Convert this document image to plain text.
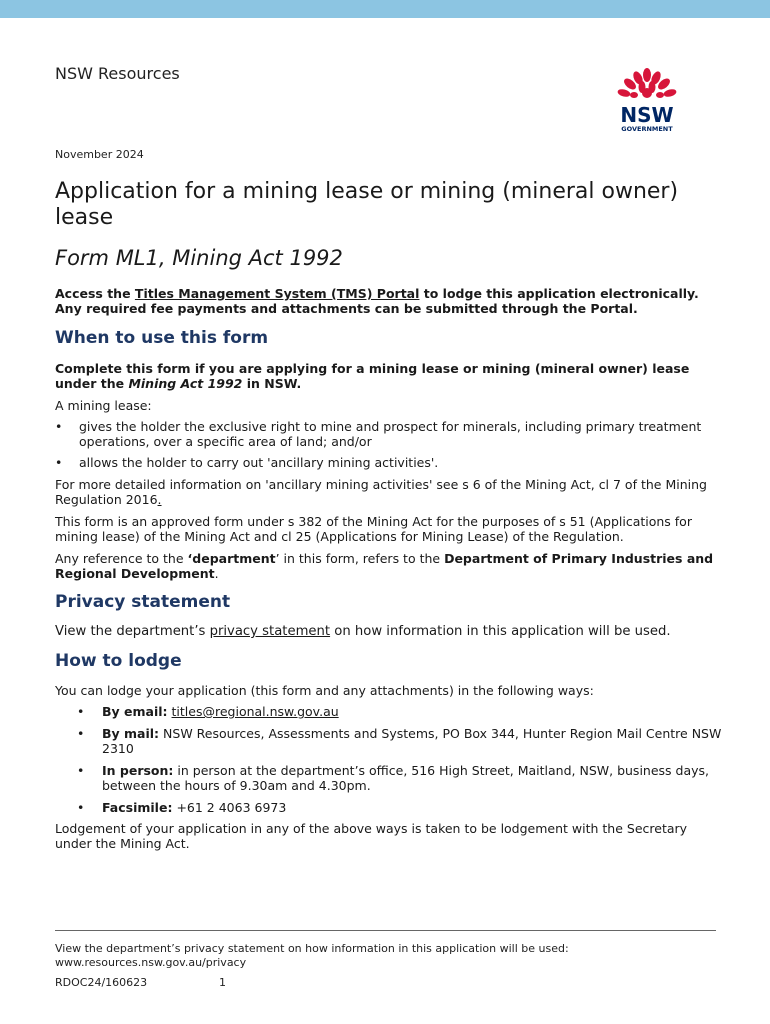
NSW Resources
NSW
GOVERNMENT
November 2024
Application for a mining lease or mining (mineral owner) lease
Form ML1, Mining Act 1992

Access the Titles Management System (TMS) Portal to lodge this application electronically.

Any required fee payments and attachments can be submitted through the Portal.

When to use this form

Complete this form if you are applying for a mining lease or mining (mineral owner) lease under the Mining Act 1992 in NSW.

A mining lease:

• gives the holder the exclusive right to mine and prospect for minerals, including primary treatment operations, over a specific area of land; and/or
• allows the holder to carry out 'ancillary mining activities'.

For more detailed information on 'ancillary mining activities' see s 6 of the Mining Act, cl 7 of the Mining Regulation 2016.

This form is an approved form under s 382 of the Mining Act for the purposes of s 51 (Applications for mining lease) of the Mining Act and cl 25 (Applications for Mining Lease) of the Regulation.

Any reference to the ‘department’ in this form, refers to the Department of Primary Industries and Regional Development.

Privacy statement

View the department’s privacy statement on how information in this application will be used.

How to lodge

You can lodge your application (this form and any attachments) in the following ways:

• By email: titles@regional.nsw.gov.au
• By mail: NSW Resources, Assessments and Systems, PO Box 344, Hunter Region Mail Centre NSW 2310
• In person: in person at the department’s office, 516 High Street, Maitland, NSW, business days, between the hours of 9.30am and 4.30pm.
• Facsimile: +61 2 4063 6973

Lodgement of your application in any of the above ways is taken to be lodgement with the Secretary under the Mining Act.

View the department’s privacy statement on how information in this application will be used:
www.resources.nsw.gov.au/privacy
RDOC24/160623	1
